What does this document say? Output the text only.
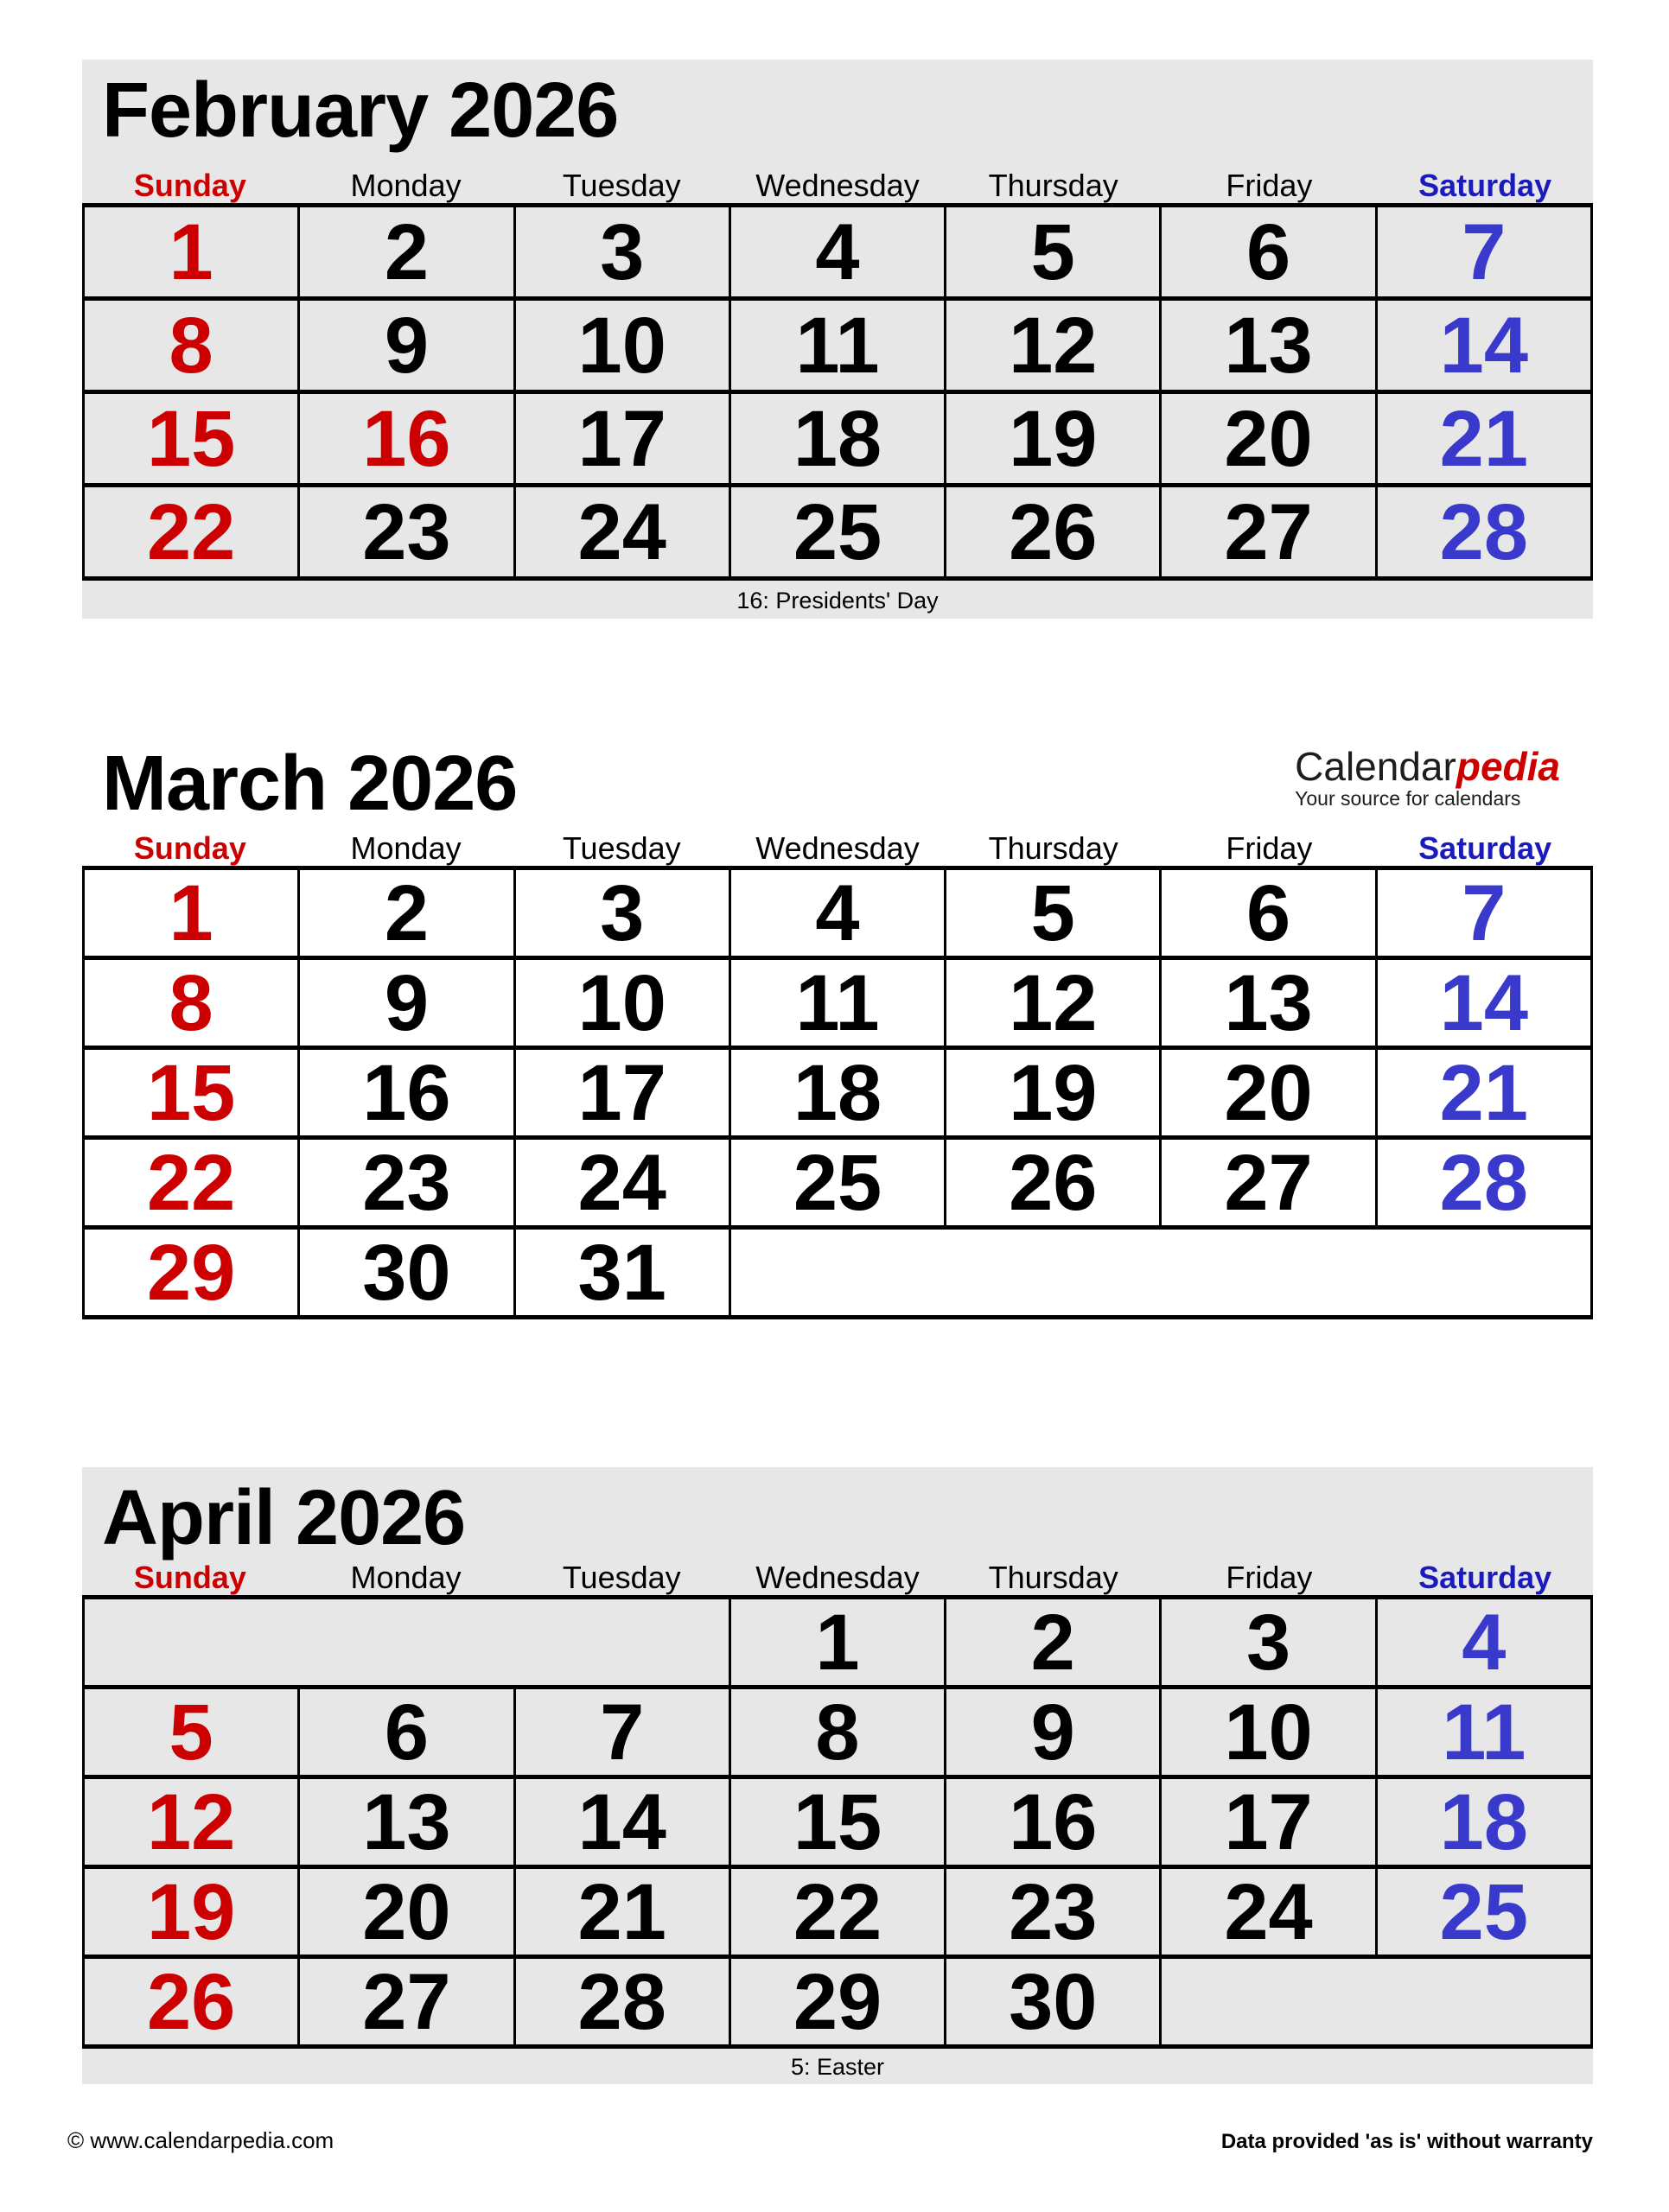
February 2026
Sunday	Monday	Tuesday	Wednesday	Thursday	Friday	Saturday
1	2	3	4	5	6	7
8	9	10	11	12	13	14
15	16	17	18	19	20	21
22	23	24	25	26	27	28
16: Presidents' Day
March 2026	Calendarpedia
Your source for calendars
Sunday	Monday	Tuesday	Wednesday	Thursday	Friday	Saturday
1	2	3	4	5	6	7
8	9	10	11	12	13	14
15	16	17	18	19	20	21
22	23	24	25	26	27	28
29	30	31				
April 2026
Sunday	Monday	Tuesday	Wednesday	Thursday	Friday	Saturday
			1	2	3	4
5	6	7	8	9	10	11
12	13	14	15	16	17	18
19	20	21	22	23	24	25
26	27	28	29	30		
5: Easter
© www.calendarpedia.com	Data provided 'as is' without warranty
